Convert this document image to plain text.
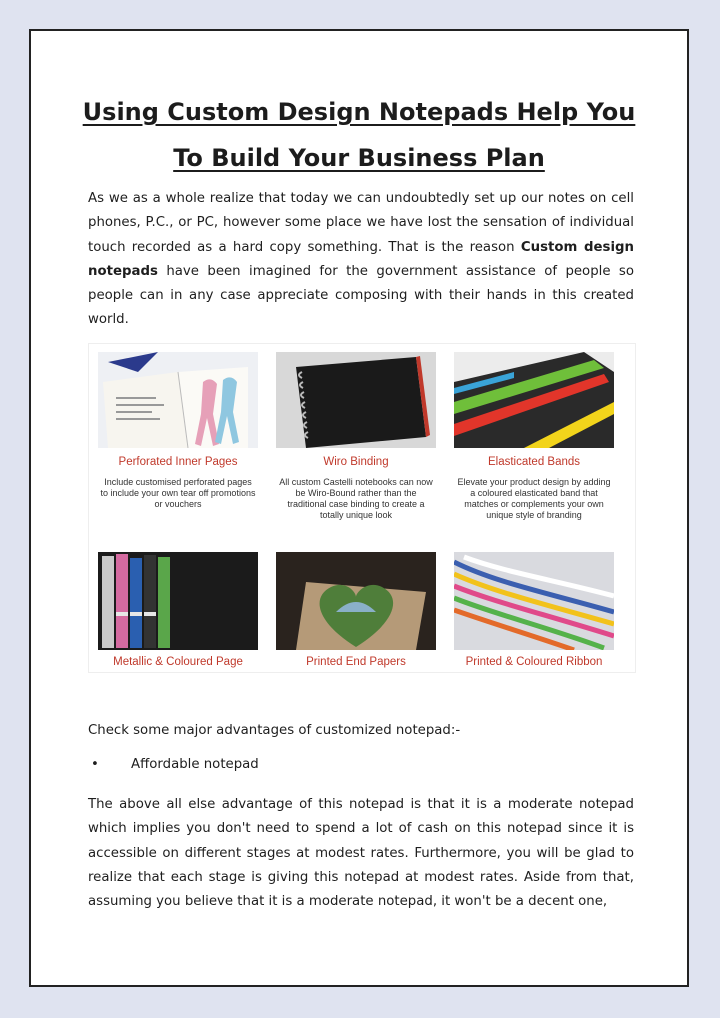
Using Custom Design Notepads Help You
To Build Your Business Plan
As we as a whole realize that today we can undoubtedly set up our notes on cell phones, P.C., or PC, however some place we have lost the sensation of individual touch recorded as a hard copy something. That is the reason Custom design notepads have been imagined for the government assistance of people so people can in any case appreciate composing with their hands in this created world.
Perforated Inner Pages
Include customised perforated pages to include your own tear off promotions or vouchers
Wiro Binding
All custom Castelli notebooks can now be Wiro-Bound rather than the traditional case binding to create a totally unique look
Elasticated Bands
Elevate your product design by adding a coloured elasticated band that matches or complements your own unique style of branding
Metallic & Coloured Page	Printed End Papers	Printed & Coloured Ribbon
Check some major advantages of customized notepad:-
• Affordable notepad
The above all else advantage of this notepad is that it is a moderate notepad which implies you don't need to spend a lot of cash on this notepad since it is accessible on different stages at modest rates. Furthermore, you will be glad to realize that each stage is giving this notepad at modest rates. Aside from that, assuming you believe that it is a moderate notepad, it won't be a decent one,
